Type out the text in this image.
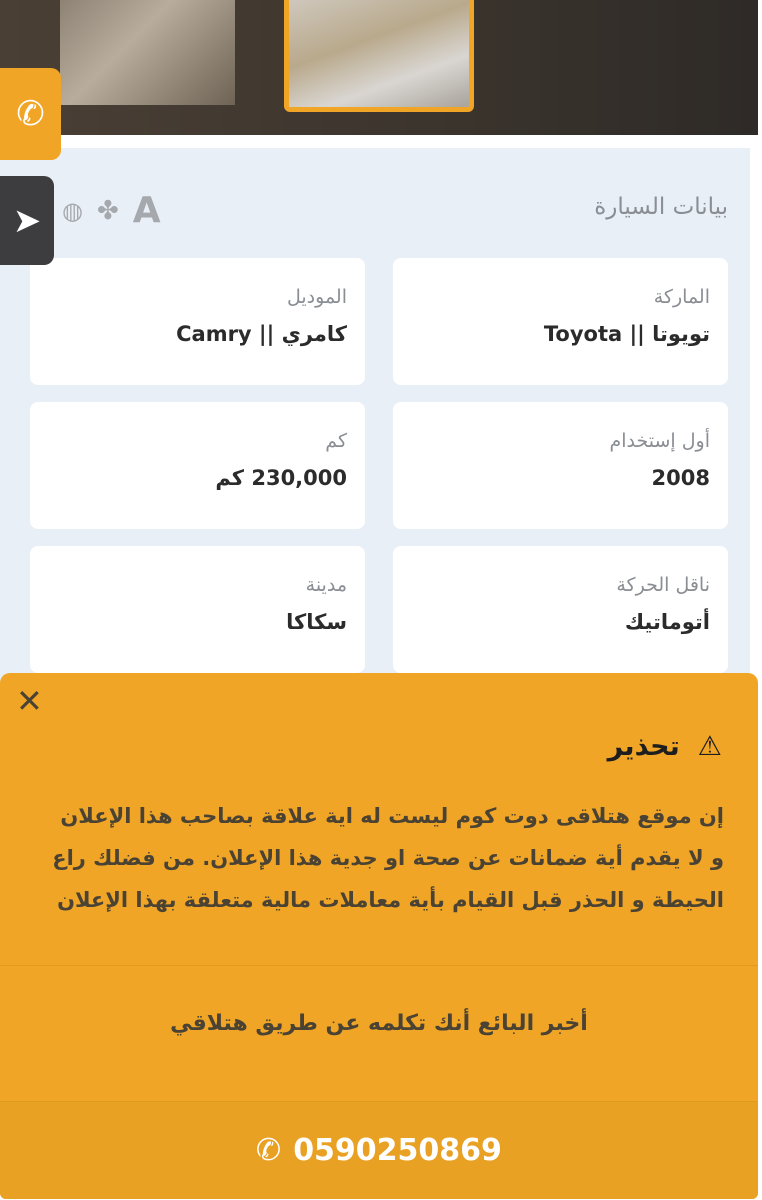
بيانات السيارة
◍ ✤ A
الماركة
تويوتا || Toyota
الموديل
كامري || Camry
أول إستخدام
2008
كم
230,000 كم
ناقل الحركة
أتوماتيك
مدينة
سكاكا
✆
➤
✕
⚠
تحذير
إن موقع هتلاقى دوت كوم ليست له اية علاقة بصاحب هذا الإعلان و لا يقدم أية ضمانات عن صحة او جدية هذا الإعلان. من فضلك راع الحيطة و الحذر قبل القيام بأية معاملات مالية متعلقة بهذا الإعلان
أخبر البائع أنك تكلمه عن طريق هتلاقي
✆ 0590250869
